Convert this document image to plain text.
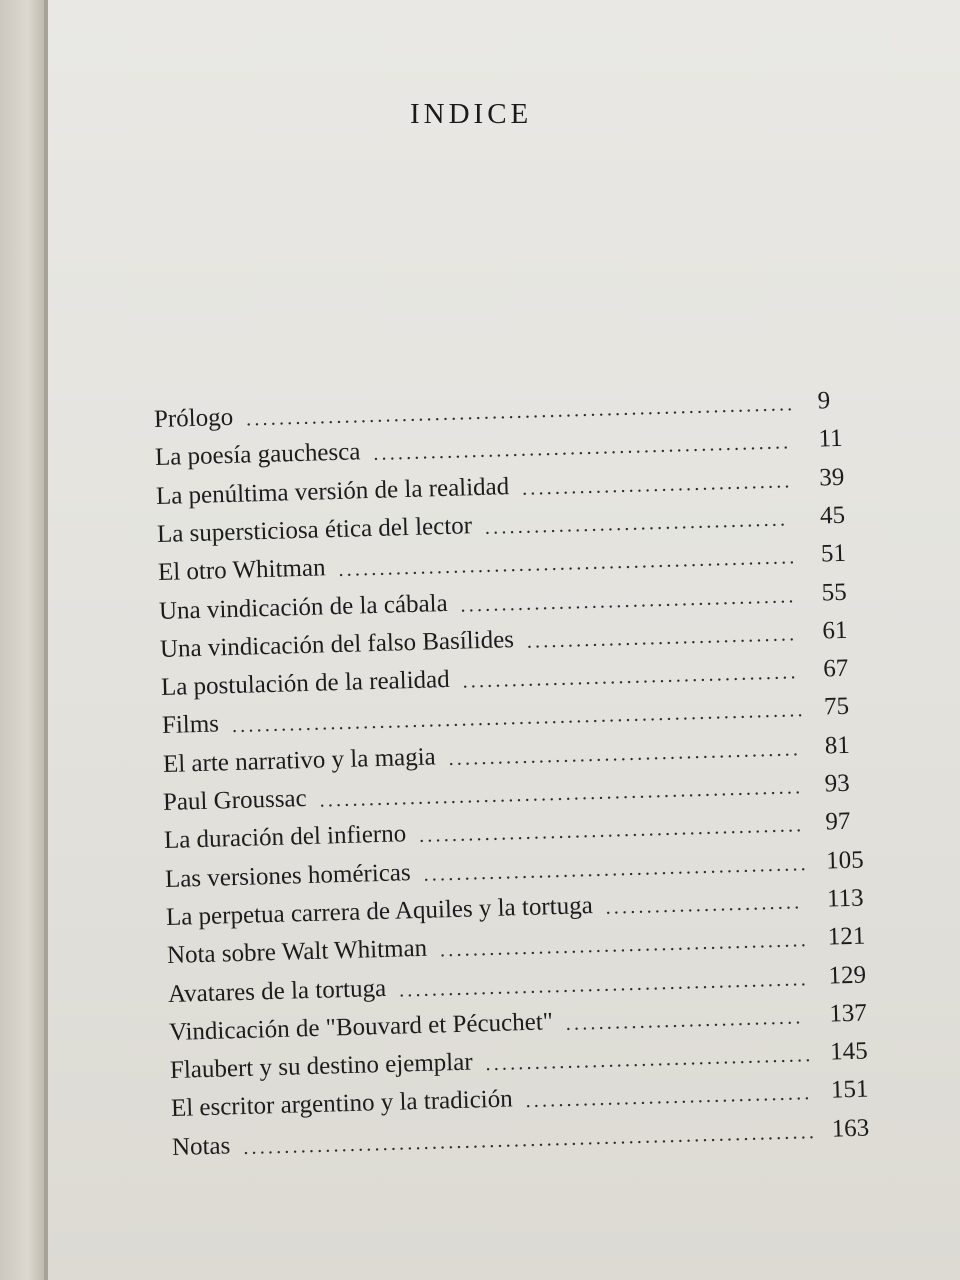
INDICE
Prólogo ................................................................... 9
La poesía gauchesca ................................................... 11
La penúltima versión de la realidad ................................. 39
La supersticiosa ética del lector ..................................... 45
El otro Whitman ........................................................ 51
Una vindicación de la cábala ......................................... 55
Una vindicación del falso Basílides ................................. 61
La postulación de la realidad ......................................... 67
Films ...................................................................... 75
El arte narrativo y la magia ........................................... 81
Paul Groussac ........................................................... 93
La duración del infierno ............................................... 97
Las versiones homéricas ............................................... 105
La perpetua carrera de Aquiles y la tortuga ........................ 113
Nota sobre Walt Whitman ............................................. 121
Avatares de la tortuga .................................................. 129
Vindicación de "Bouvard et Pécuchet" ............................. 137
Flaubert y su destino ejemplar ........................................ 145
El escritor argentino y la tradición ................................... 151
Notas ...................................................................... 163
